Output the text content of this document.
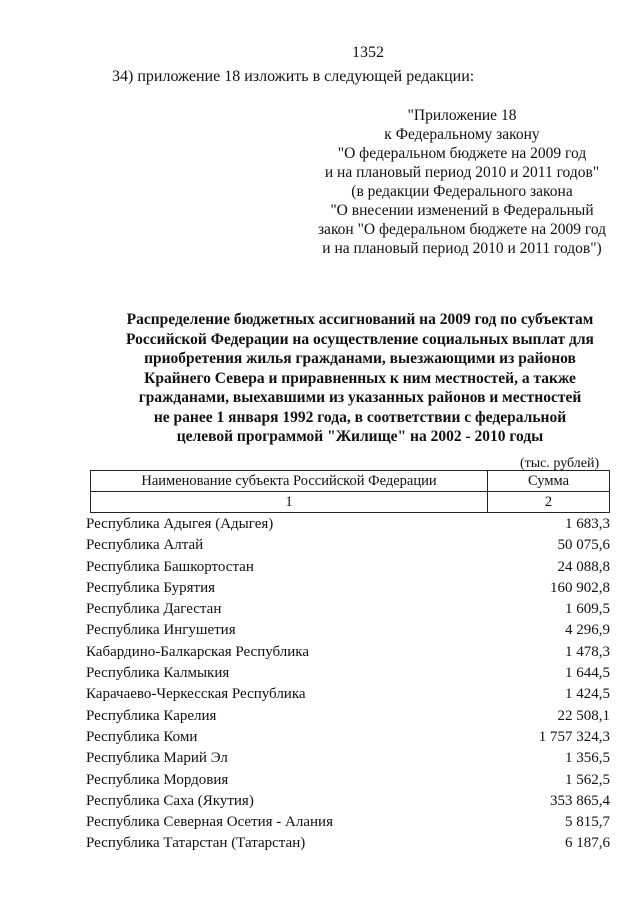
1352
34) приложение 18 изложить в следующей редакции:
"Приложение 18
к Федеральному закону
"О федеральном бюджете на 2009 год
и на плановый период 2010 и 2011 годов"
(в редакции Федерального закона
"О внесении изменений в Федеральный
закон "О федеральном бюджете на 2009 год
и на плановый период 2010 и 2011 годов")
Распределение бюджетных ассигнований на 2009 год по субъектам
Российской Федерации на осуществление социальных выплат для
приобретения жилья гражданами, выезжающими из районов
Крайнего Севера и приравненных к ним местностей, а также
гражданами, выехавшими из указанных районов и местностей
не ранее 1 января 1992 года, в соответствии с федеральной
целевой программой "Жилище" на 2002 - 2010 годы
(тыс. рублей)
Наименование субъекта Российской Федерации	Сумма
1	2
Республика Адыгея (Адыгея)	1 683,3
Республика Алтай	50 075,6
Республика Башкортостан	24 088,8
Республика Бурятия	160 902,8
Республика Дагестан	1 609,5
Республика Ингушетия	4 296,9
Кабардино-Балкарская Республика	1 478,3
Республика Калмыкия	1 644,5
Карачаево-Черкесская Республика	1 424,5
Республика Карелия	22 508,1
Республика Коми	1 757 324,3
Республика Марий Эл	1 356,5
Республика Мордовия	1 562,5
Республика Саха (Якутия)	353 865,4
Республика Северная Осетия - Алания	5 815,7
Республика Татарстан (Татарстан)	6 187,6
